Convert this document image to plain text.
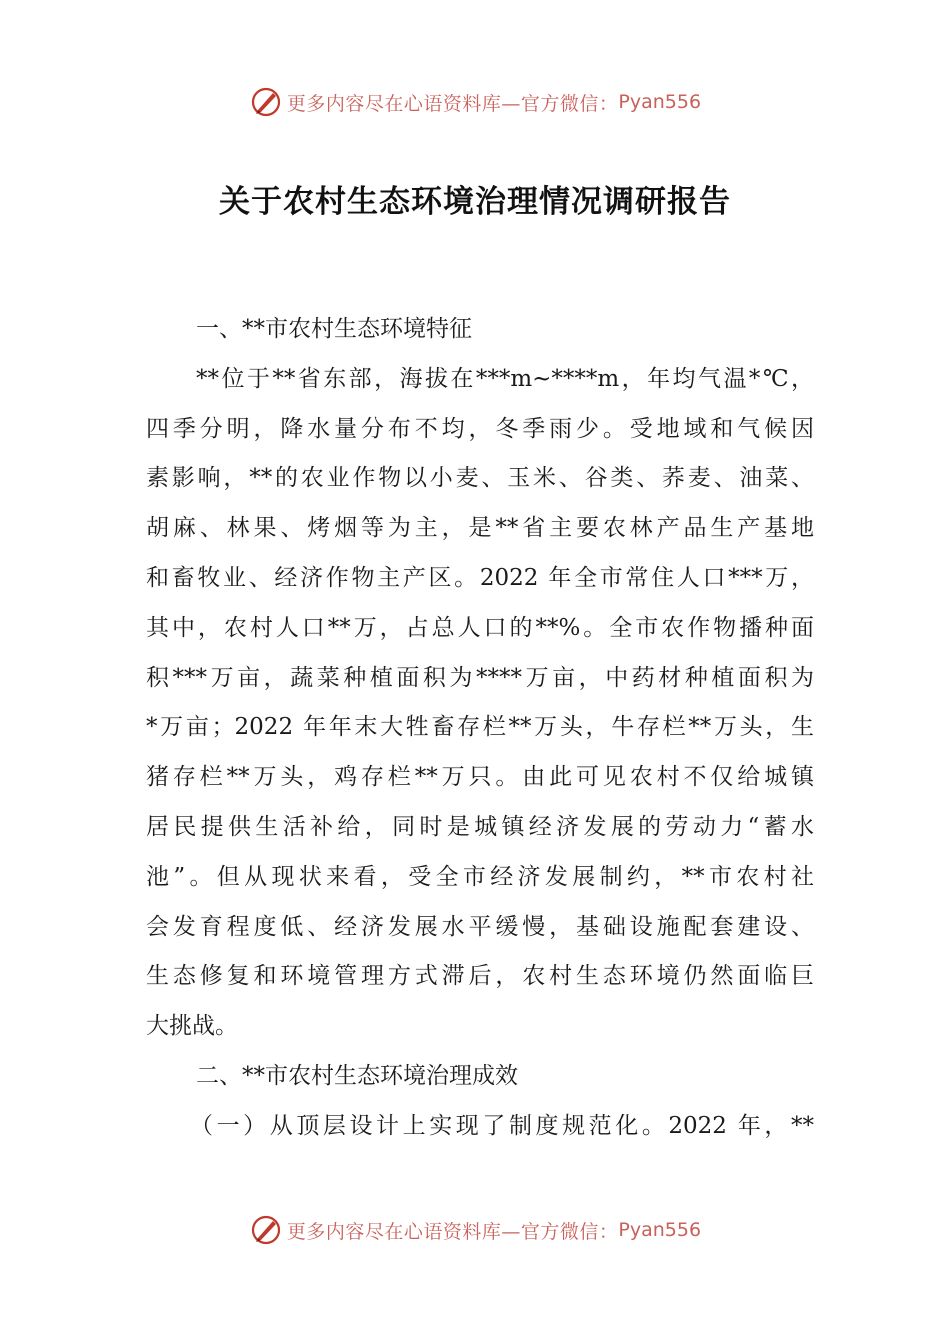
更多内容尽在心语资料库—官方微信： Pyan556
关于农村生态环境治理情况调研报告
一、**市农村生态环境特征
**位于**省东部，海拔在***m~****m，年均气温*℃，
四季分明，降水量分布不均，冬季雨少。受地域和气候因
素影响，**的农业作物以小麦、玉米、谷类、荞麦、油菜、
胡麻、林果、烤烟等为主，是**省主要农林产品生产基地
和畜牧业、经济作物主产区。2022 年全市常住人口***万，
其中，农村人口**万，占总人口的**%。全市农作物播种面
积***万亩，蔬菜种植面积为****万亩，中药材种植面积为
*万亩；2022 年年末大牲畜存栏**万头，牛存栏**万头，生
猪存栏**万头，鸡存栏**万只。由此可见农村不仅给城镇
居民提供生活补给，同时是城镇经济发展的劳动力“蓄水
池”。但从现状来看，受全市经济发展制约，**市农村社
会发育程度低、经济发展水平缓慢，基础设施配套建设、
生态修复和环境管理方式滞后，农村生态环境仍然面临巨
大挑战。
二、**市农村生态环境治理成效
（一）从顶层设计上实现了制度规范化。2022 年，**
更多内容尽在心语资料库—官方微信： Pyan556
